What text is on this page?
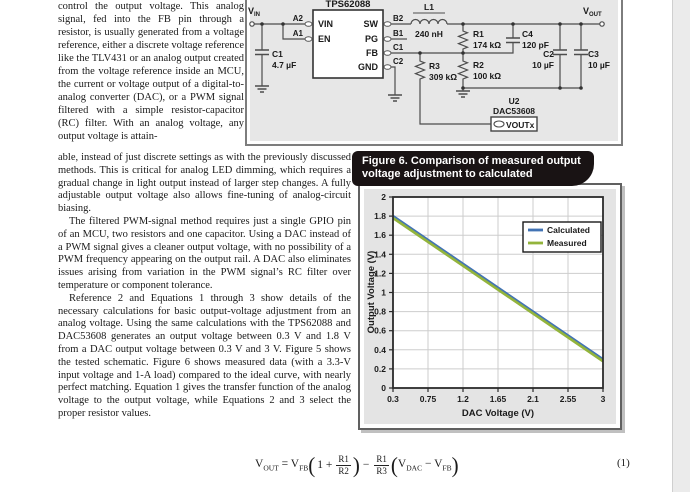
control the output voltage. This analog signal, fed into the FB pin through a resistor, is usually generated from a voltage reference, either a discrete voltage reference like the TLV431 or an analog output created from the voltage reference inside an MCU, the current or voltage output of a digital-to-analog converter (DAC), or a PWM signal filtered with a simple resistor-capacitor (RC) filter. With an analog voltage, any output voltage is attain-

able, instead of just discrete settings as with the previously discussed methods. This is critical for analog LED dimming, which requires a gradual change in light output instead of larger step changes. A fully adjustable output voltage also allows fine-tuning of analog-circuit biasing.

The filtered PWM-signal method requires just a single GPIO pin of an MCU, two resistors and one capacitor. Using a DAC instead of a PWM signal gives a cleaner output voltage, with no possibility of a PWM frequency appearing on the output rail. A DAC also eliminates issues arising from variation in the PWM signal’s RC filter over temperature or component tolerance.

Reference 2 and Equations 1 through 3 show details of the necessary calculations for basic output-voltage adjustment from an analog voltage. Using the same calculations with the TPS62088 and DAC53608 generates an output voltage between 0.3 V and 1.8 V from a DAC output voltage between 0.3 V and 3 V. Figure 5 shows the tested schematic. Figure 6 shows measured data (with a 3.3-V input voltage and 1-A load) compared to the ideal curve, with nearly perfect matching. Equation 1 gives the transfer function of the analog voltage to the output voltage, while Equations 2 and 3 select the proper resistor values.

TPS62088
VIN
EN
SW
PG
FB
GND
A2
A1
B2
B1
C1
C2
$V_{IN}$	$V_{OUT}$
C1
4.7 µF
L1
240 nH	R1
174 kΩ
C4
120 pF
R2
100 kΩ
R3
309 kΩ
C2
10 µF
C3
10 µF
U2
DAC53608
VOUTx
Figure 6. Comparison of measured output
voltage adjustment to calculated
0.3 0.75 1.2 1.65 2.1 2.55	3
0
0.2
0.4
0.6
0.8
1
1.2
1.4
1.6
1.8
2
DAC Voltage (V)
Output Voltage (V)
Calculated
Measured
$V_{OUT} = V_{FB}$ ( $1 + \frac{R1}{R2}$ ) − $\frac{R1}{R3}$ ( $V_{DAC} - V_{FB}$ )	(1)
